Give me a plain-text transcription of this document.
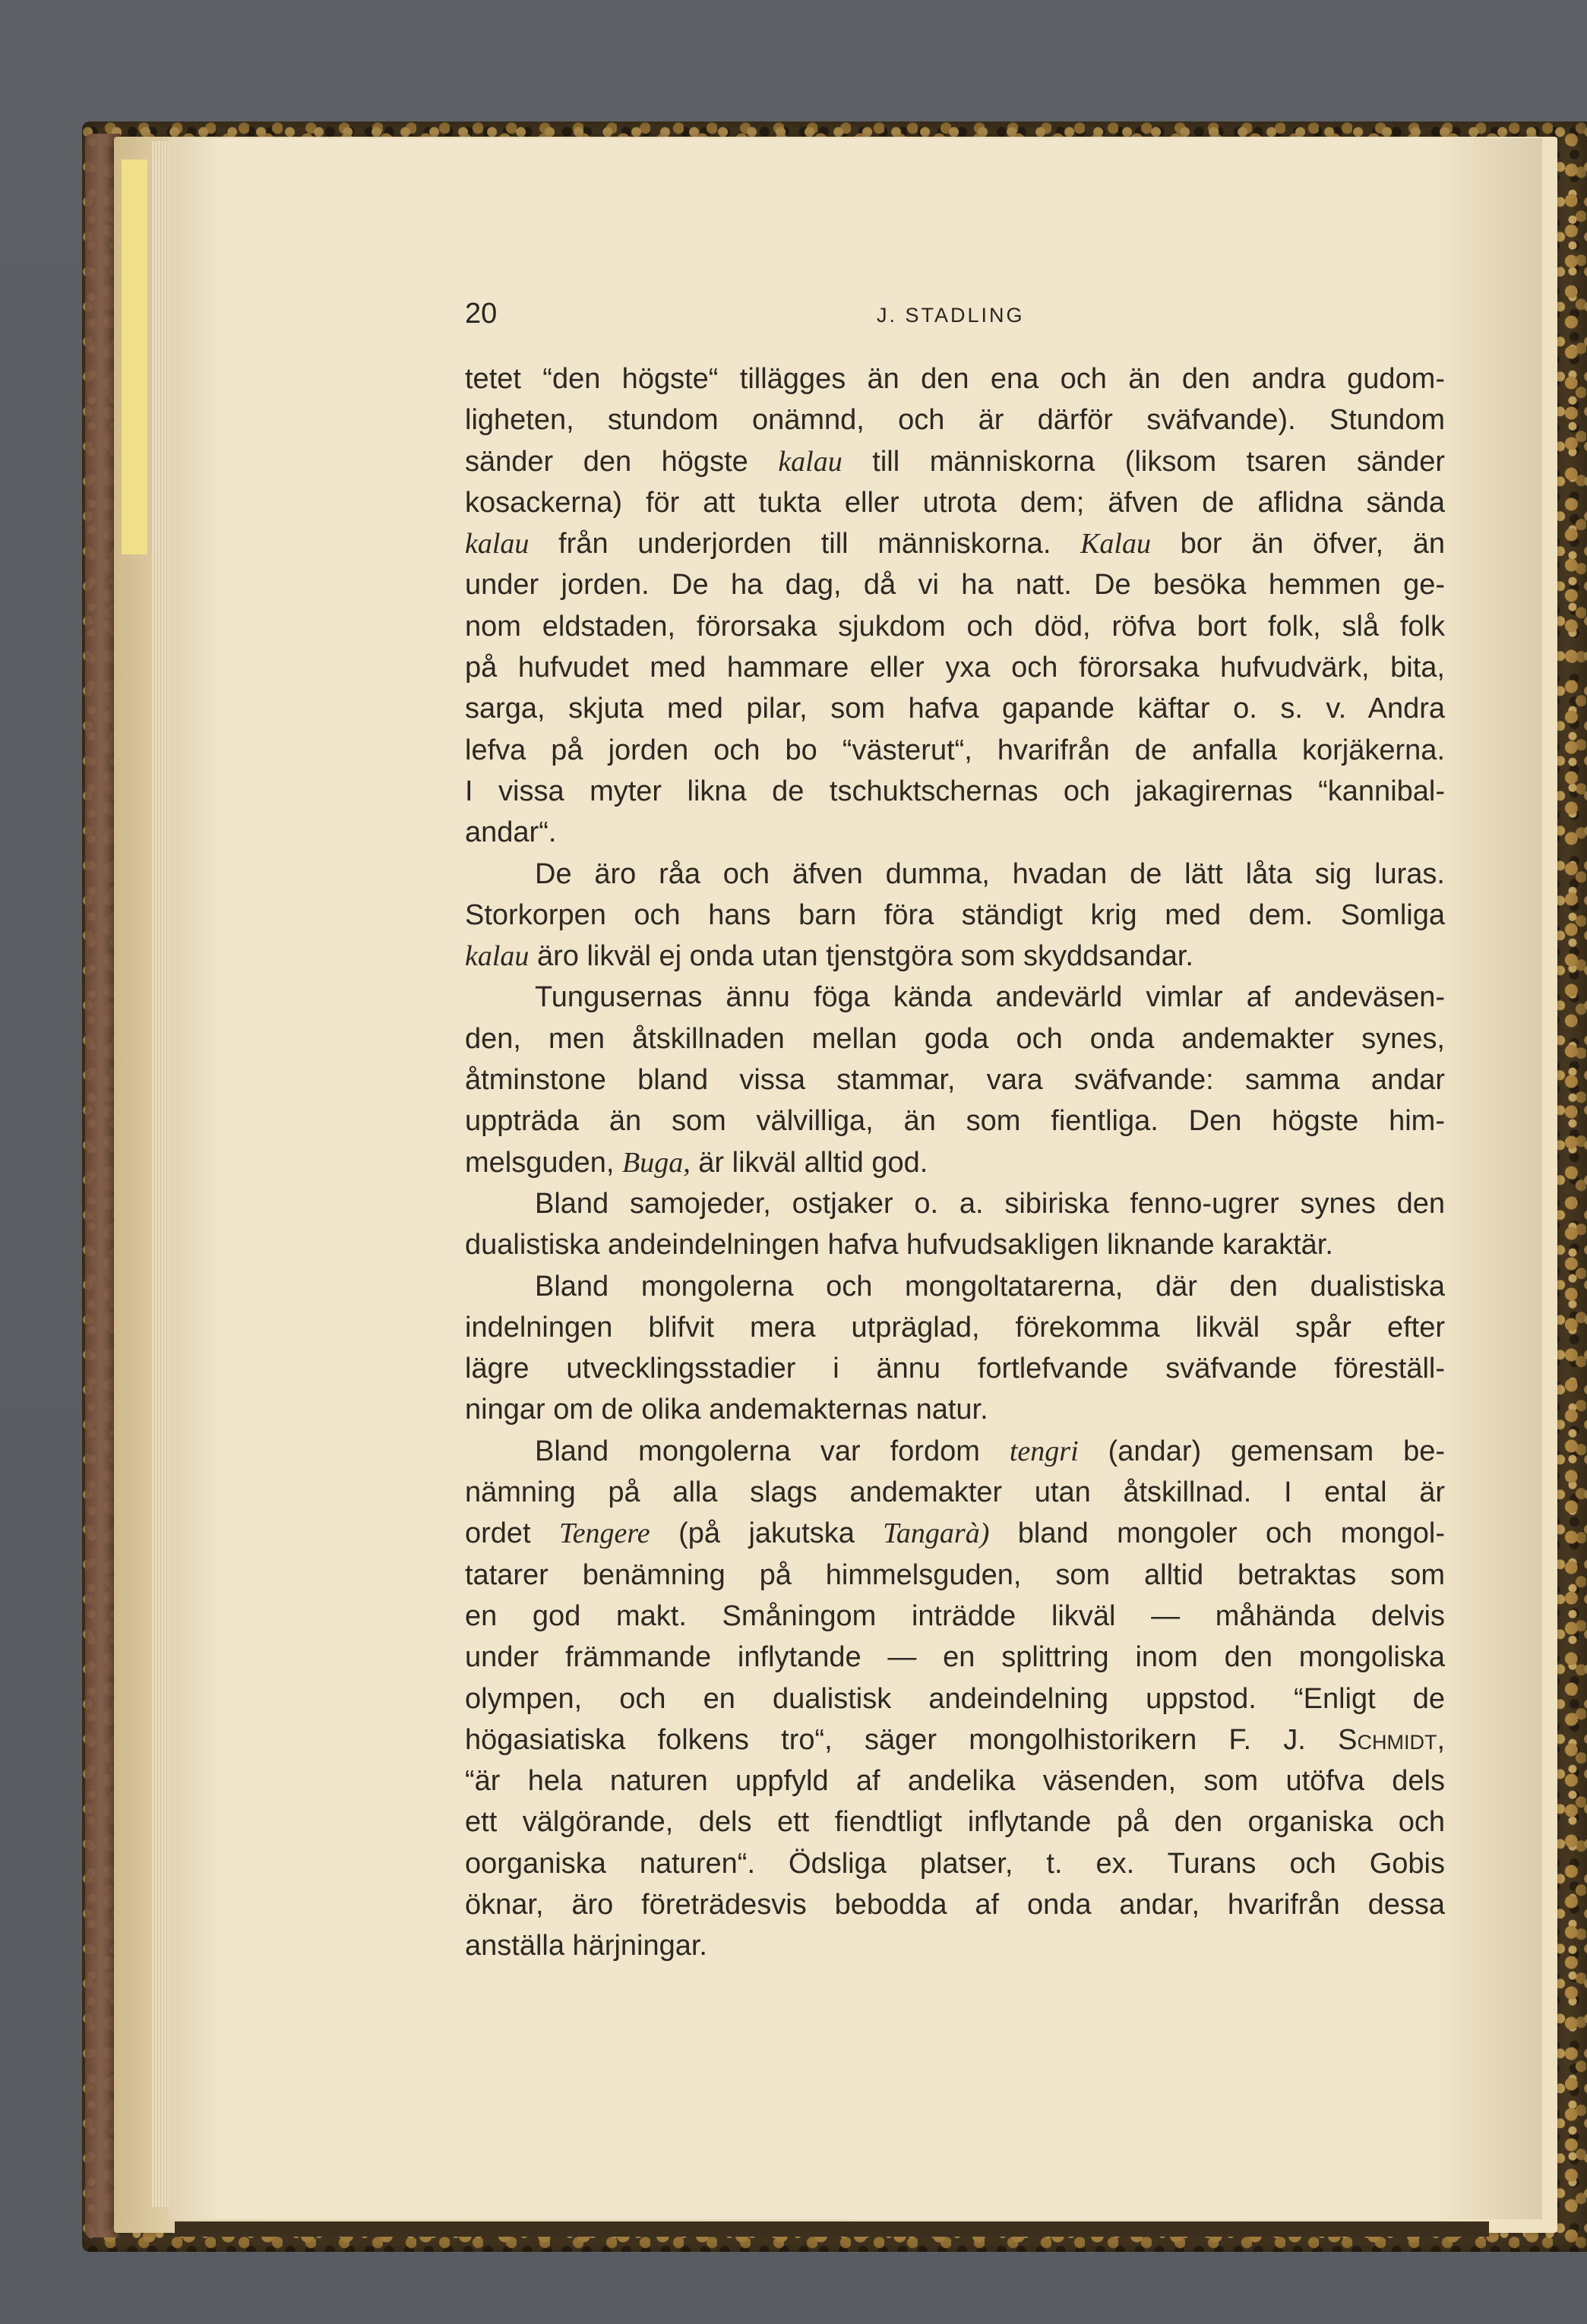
20	J. STADLING
tetet “den högste“ tillägges än den ena och än den andra gudom-
ligheten, stundom onämnd, och är därför sväfvande). Stundom
sänder den högste kalau till människorna (liksom tsaren sänder
kosackerna) för att tukta eller utrota dem; äfven de aflidna sända
kalau från underjorden till människorna. Kalau bor än öfver, än
under jorden. De ha dag, då vi ha natt. De besöka hemmen ge-
nom eldstaden, förorsaka sjukdom och död, röfva bort folk, slå folk
på hufvudet med hammare eller yxa och förorsaka hufvudvärk, bita,
sarga, skjuta med pilar, som hafva gapande käftar o. s. v. Andra
lefva på jorden och bo “västerut“, hvarifrån de anfalla korjäkerna.
I vissa myter likna de tschuktschernas och jakagirernas “kannibal-
andar“.
De äro råa och äfven dumma, hvadan de lätt låta sig luras.
Storkorpen och hans barn föra ständigt krig med dem. Somliga
kalau äro likväl ej onda utan tjenstgöra som skyddsandar.
Tungusernas ännu föga kända andevärld vimlar af andeväsen-
den, men åtskillnaden mellan goda och onda andemakter synes,
åtminstone bland vissa stammar, vara sväfvande: samma andar
uppträda än som välvilliga, än som fientliga. Den högste him-
melsguden, Buga, är likväl alltid god.
Bland samojeder, ostjaker o. a. sibiriska fenno-ugrer synes den
dualistiska andeindelningen hafva hufvudsakligen liknande karaktär.
Bland mongolerna och mongoltatarerna, där den dualistiska
indelningen blifvit mera utpräglad, förekomma likväl spår efter
lägre utvecklingsstadier i ännu fortlefvande sväfvande föreställ-
ningar om de olika andemakternas natur.
Bland mongolerna var fordom tengri (andar) gemensam be-
nämning på alla slags andemakter utan åtskillnad. I ental är
ordet Tengere (på jakutska Tangarà) bland mongoler och mongol-
tatarer benämning på himmelsguden, som alltid betraktas som
en god makt. Småningom inträdde likväl — måhända delvis
under främmande inflytande — en splittring inom den mongoliska
olympen, och en dualistisk andeindelning uppstod. “Enligt de
högasiatiska folkens tro“, säger mongolhistorikern F. J. Schmidt,
“är hela naturen uppfyld af andelika väsenden, som utöfva dels
ett välgörande, dels ett fiendtligt inflytande på den organiska och
oorganiska naturen“. Ödsliga platser, t. ex. Turans och Gobis
öknar, äro företrädesvis bebodda af onda andar, hvarifrån dessa
anställa härjningar.
